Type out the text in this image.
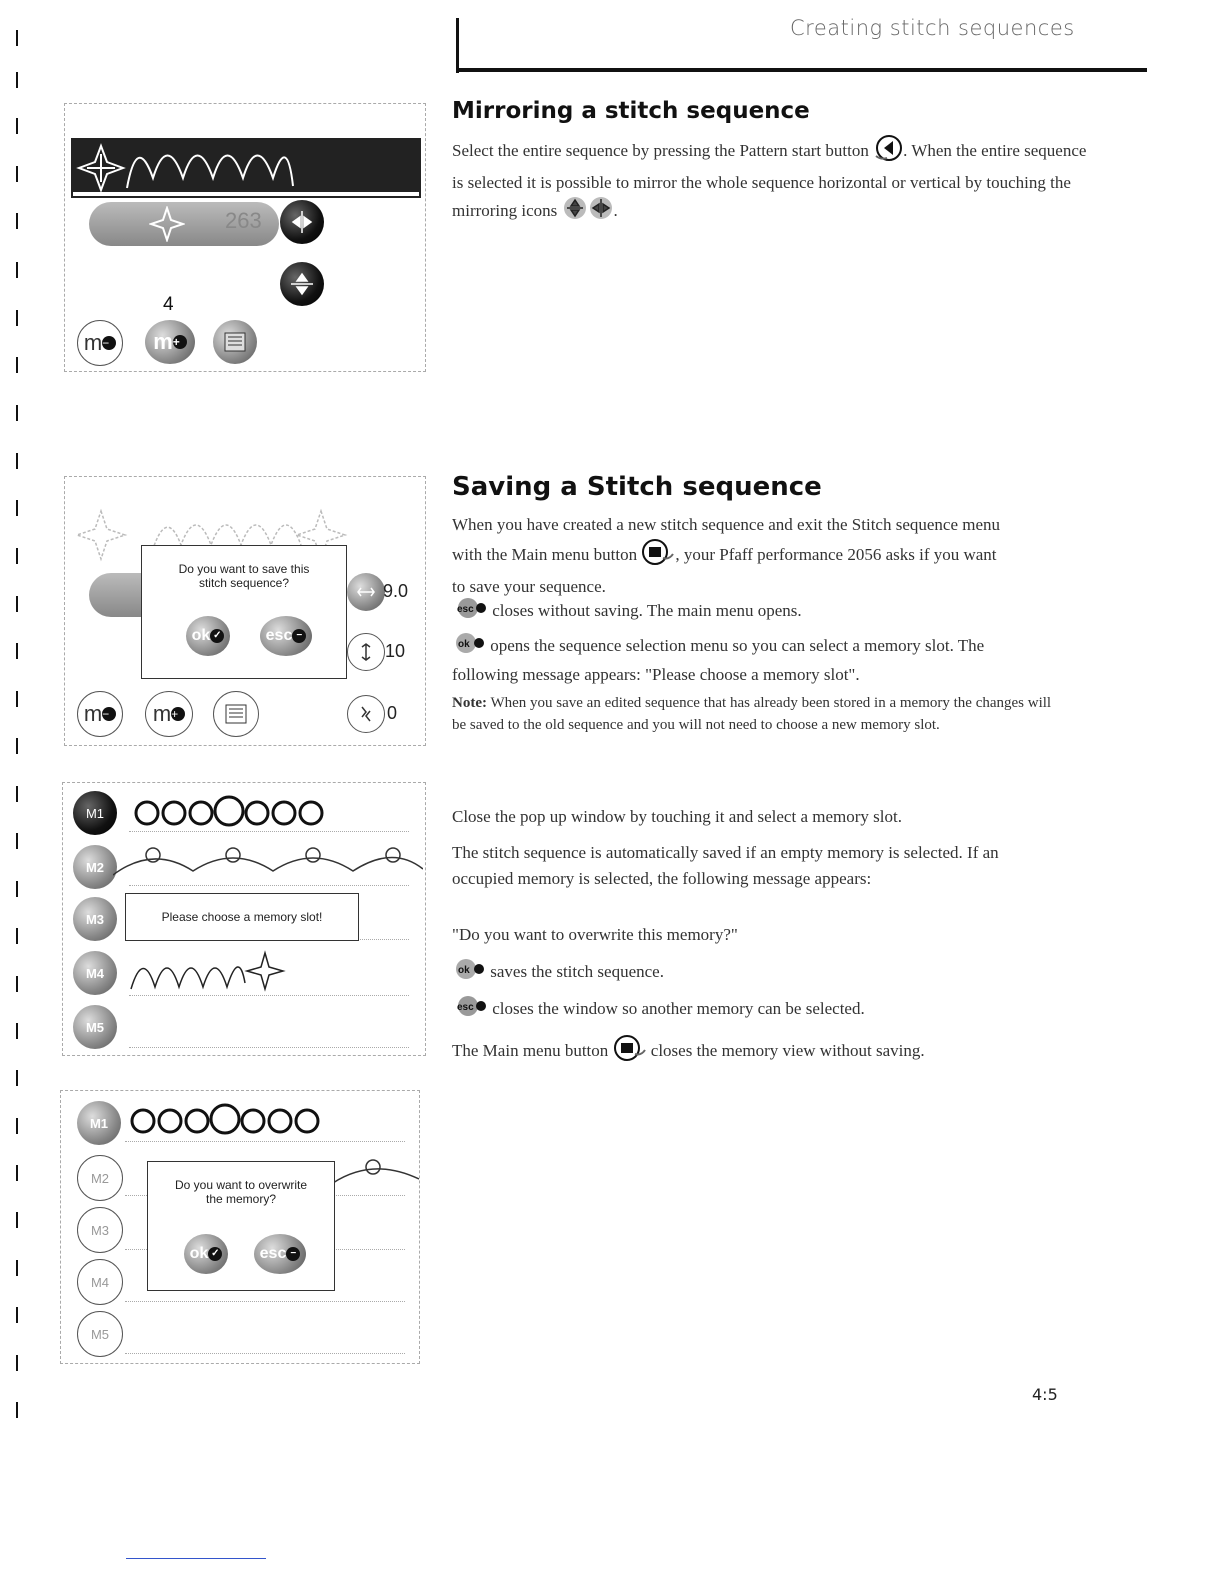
Creating stitch sequences
Mirroring a stitch sequence

Select the entire sequence by pressing the Pattern start button . When the entire sequence is selected it is possible to mirror the whole sequence horizontal or vertical by touching the mirroring icons	.

263
4
m −	m +
Saving a Stitch sequence

When you have created a new stitch sequence and exit the Stitch sequence menu with the Main menu button , your Pfaff performance 2056 asks if you want to save your sequence.

esc closes without saving. The main menu opens.

ok opens the sequence selection menu so you can select a memory slot. The following message appears: "Please choose a memory slot".

Note: When you save an edited sequence that has already been stored in a memory the changes will be saved to the old sequence and you will not need to choose a new memory slot.

Close the pop up window by touching it and select a memory slot.

The stitch sequence is automatically saved if an empty memory is selected. If an occupied memory is selected, the following message appears:

"Do you want to overwrite this memory?"

ok saves the stitch sequence.

esc closes the window so another memory can be selected.

The Main menu button	closes the memory view without saving.

9.0
10
0
m −	m +
Do you want to save this stitch sequence?
ok ✓	esc −
M1
M2
M3
M4
M5
Please choose a memory slot!
M1
M2
M3
M4
M5
Do you want to overwrite the memory?
ok ✓	esc −
4:5
